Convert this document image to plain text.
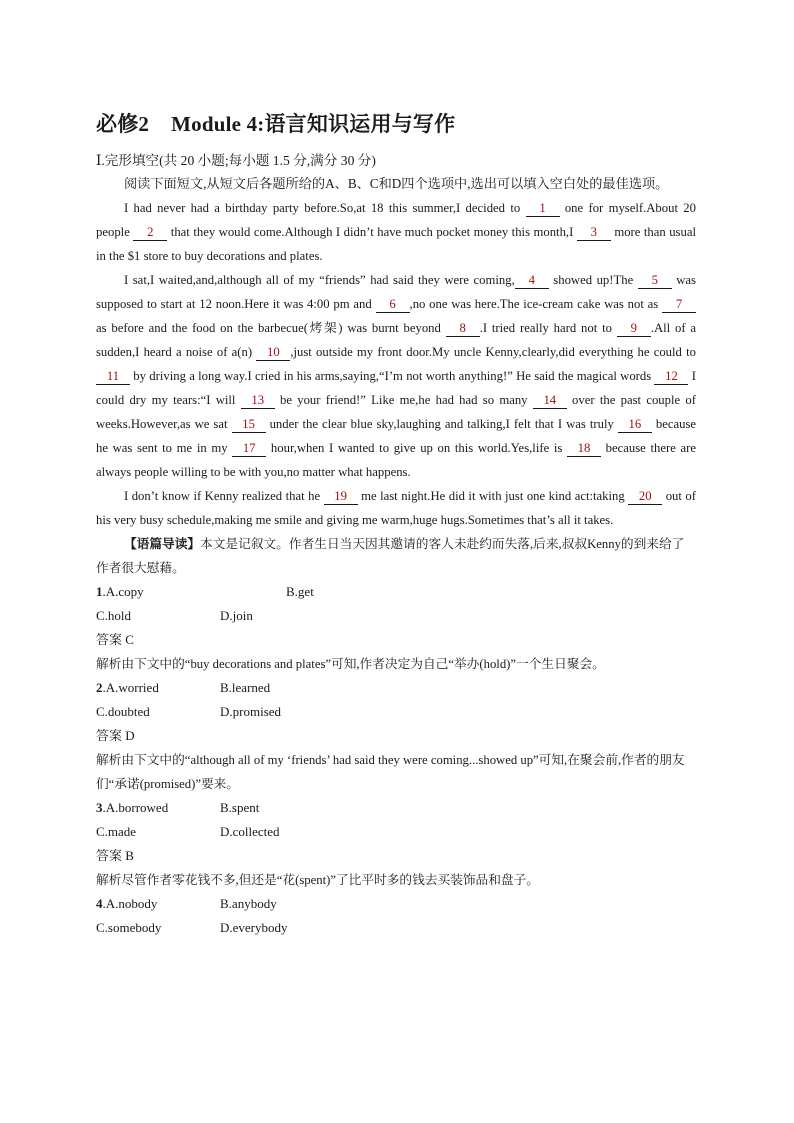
必修2 Module 4:语言知识运用与写作

Ⅰ.完形填空(共 20 小题;每小题 1.5 分,满分 30 分)

阅读下面短文,从短文后各题所给的A、B、C和D四个选项中,选出可以填入空白处的最佳选项。

I had never had a birthday party before.So,at 18 this summer,I decided to 1 one for myself.About 20 people 2 that they would come.Although I didn’t have much pocket money this month,I 3 more than usual in the $1 store to buy decorations and plates.

I sat,I waited,and,although all of my “friends” had said they were coming, 4 showed up!The 5 was supposed to start at 12 noon.Here it was 4:00 pm and 6 ,no one was here.The ice-cream cake was not as 7 as before and the food on the barbecue(烤架) was burnt beyond 8 .I tried really hard not to 9 .All of a sudden,I heard a noise of a(n) 10 ,just outside my front door.My uncle Kenny,clearly,did everything he could to 11 by driving a long way.I cried in his arms,saying,“I’m not worth anything!” He said the magical words 12 I could dry my tears:“I will 13 be your friend!” Like me,he had had so many 14 over the past couple of weeks.However,as we sat 15 under the clear blue sky,laughing and talking,I felt that I was truly 16 because he was sent to me in my 17 hour,when I wanted to give up on this world.Yes,life is 18 because there are always people willing to be with you,no matter what happens.

I don’t know if Kenny realized that he 19 me last night.He did it with just one kind act:taking 20 out of his very busy schedule,making me smile and giving me warm,huge hugs.Sometimes that’s all it takes.

【语篇导读】本文是记叙文。作者生日当天因其邀请的客人未赴约而失落,后来,叔叔Kenny的到来给了作者很大慰藉。

1.A.copy	B.get
C.hold	D.join

答案 C

解析由下文中的“buy decorations and plates”可知,作者决定为自己“举办(hold)”一个生日聚会。

2.A.worried	B.learned
C.doubted	D.promised

答案 D

解析由下文中的“although all of my ‘friends’ had said they were coming...showed up”可知,在聚会前,作者的朋友们“承诺(promised)”要来。

3.A.borrowed	B.spent
C.made	D.collected

答案 B

解析尽管作者零花钱不多,但还是“花(spent)”了比平时多的钱去买装饰品和盘子。

4.A.nobody	B.anybody
C.somebody	D.everybody
